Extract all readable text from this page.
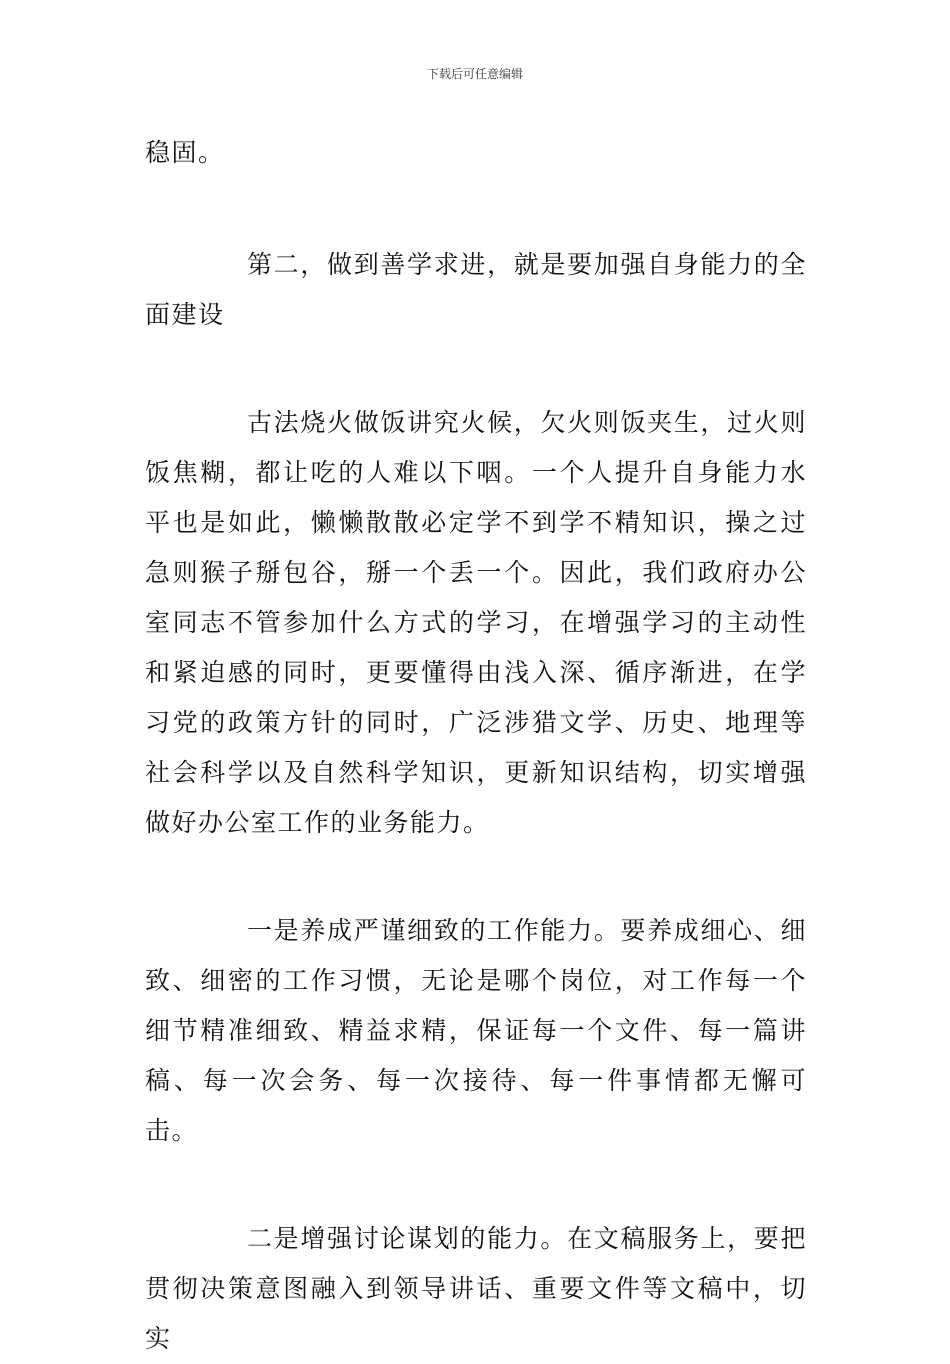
下载后可任意编辑

稳固。

第二，做到善学求进，就是要加强自身能力的全面建设

古法烧火做饭讲究火候，欠火则饭夹生，过火则饭焦糊，都让吃的人难以下咽。一个人提升自身能力水平也是如此，懒懒散散必定学不到学不精知识，操之过急则猴子掰包谷，掰一个丢一个。因此，我们政府办公室同志不管参加什么方式的学习，在增强学习的主动性和紧迫感的同时，更要懂得由浅入深、循序渐进，在学习党的政策方针的同时，广泛涉猎文学、历史、地理等社会科学以及自然科学知识，更新知识结构，切实增强做好办公室工作的业务能力。

一是养成严谨细致的工作能力。要养成细心、细致、细密的工作习惯，无论是哪个岗位，对工作每一个细节精准细致、精益求精，保证每一个文件、每一篇讲稿、每一次会务、每一次接待、每一件事情都无懈可击。

二是增强讨论谋划的能力。在文稿服务上，要把贯彻决策意图融入到领导讲话、重要文件等文稿中，切实
